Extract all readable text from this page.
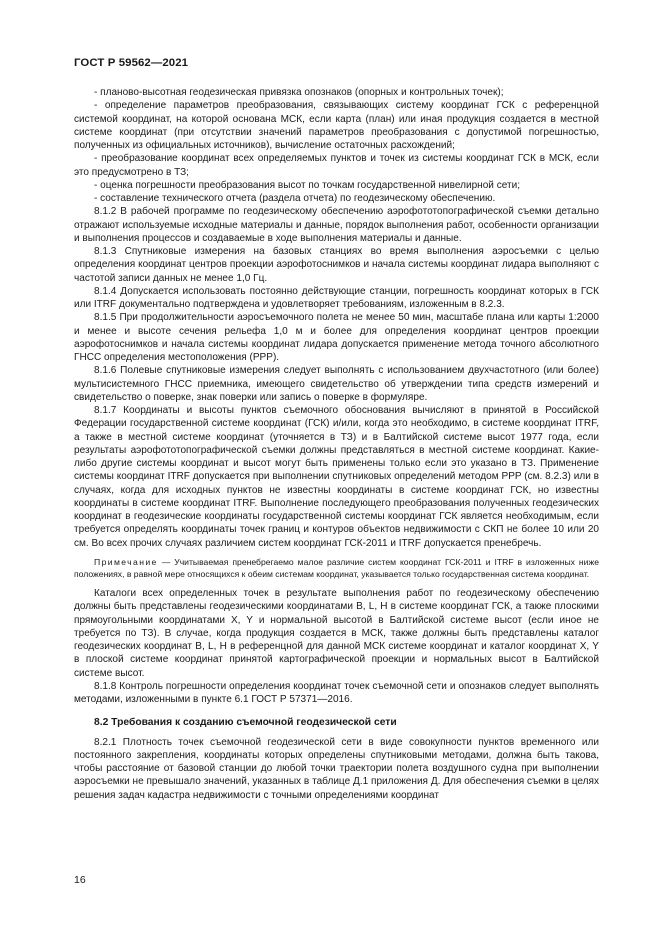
ГОСТ Р 59562—2021

- планово-высотная геодезическая привязка опознаков (опорных и контрольных точек);

- определение параметров преобразования, связывающих систему координат ГСК с референцной системой координат, на которой основана МСК, если карта (план) или иная продукция создается в местной системе координат (при отсутствии значений параметров преобразования с допустимой погрешностью, полученных из официальных источников), вычисление остаточных расхождений;

- преобразование координат всех определяемых пунктов и точек из системы координат ГСК в МСК, если это предусмотрено в ТЗ;

- оценка погрешности преобразования высот по точкам государственной нивелирной сети;

- составление технического отчета (раздела отчета) по геодезическому обеспечению.

8.1.2 В рабочей программе по геодезическому обеспечению аэрофототопографической съемки детально отражают используемые исходные материалы и данные, порядок выполнения работ, особенности организации и выполнения процессов и создаваемые в ходе выполнения материалы и данные.

8.1.3 Спутниковые измерения на базовых станциях во время выполнения аэросъемки с целью определения координат центров проекции аэрофотоснимков и начала системы координат лидара выполняют с частотой записи данных не менее 1,0 Гц.

8.1.4 Допускается использовать постоянно действующие станции, погрешность координат которых в ГСК или ITRF документально подтверждена и удовлетворяет требованиям, изложенным в 8.2.3.

8.1.5 При продолжительности аэросъемочного полета не менее 50 мин, масштабе плана или карты 1:2000 и менее и высоте сечения рельефа 1,0 м и более для определения координат центров проекции аэрофотоснимков и начала системы координат лидара допускается применение метода точного абсолютного ГНСС определения местоположения (PPP).

8.1.6 Полевые спутниковые измерения следует выполнять с использованием двухчастотного (или более) мультисистемного ГНСС приемника, имеющего свидетельство об утверждении типа средств измерений и свидетельство о поверке, знак поверки или запись о поверке в формуляре.

8.1.7 Координаты и высоты пунктов съемочного обоснования вычисляют в принятой в Российской Федерации государственной системе координат (ГСК) и/или, когда это необходимо, в системе координат ITRF, а также в местной системе координат (уточняется в ТЗ) и в Балтийской системе высот 1977 года, если результаты аэрофототопографической съемки должны представляться в местной системе координат. Какие-либо другие системы координат и высот могут быть применены только если это указано в ТЗ. Применение системы координат ITRF допускается при выполнении спутниковых определений методом PPP (см. 8.2.3) или в случаях, когда для исходных пунктов не известны координаты в системе координат ГСК, но известны координаты в системе координат ITRF. Выполнение последующего преобразования полученных геодезических координат в геодезические координаты государственной системы координат ГСК является необходимым, если требуется определять координаты точек границ и контуров объектов недвижимости с СКП не более 10 или 20 см. Во всех прочих случаях различием систем координат ГСК-2011 и ITRF допускается пренебречь.

Примечание — Учитываемая пренебрегаемо малое различие систем координат ГСК-2011 и ITRF в изложенных ниже положениях, в равной мере относящихся к обеим системам координат, указывается только государственная система координат.

Каталоги всех определенных точек в результате выполнения работ по геодезическому обеспечению должны быть представлены геодезическими координатами B, L, H в системе координат ГСК, а также плоскими прямоугольными координатами X, Y и нормальной высотой в Балтийской системе высот (если иное не требуется по ТЗ). В случае, когда продукция создается в МСК, также должны быть представлены каталог геодезических координат B, L, H в референцной для данной МСК системе координат и каталог координат X, Y в плоской системе координат принятой картографической проекции и нормальных высот в Балтийской системе высот.

8.1.8 Контроль погрешности определения координат точек съемочной сети и опознаков следует выполнять методами, изложенными в пункте 6.1 ГОСТ Р 57371—2016.

8.2 Требования к созданию съемочной геодезической сети

8.2.1 Плотность точек съемочной геодезической сети в виде совокупности пунктов временного или постоянного закрепления, координаты которых определены спутниковыми методами, должна быть такова, чтобы расстояние от базовой станции до любой точки траектории полета воздушного судна при выполнении аэросъемки не превышало значений, указанных в таблице Д.1 приложения Д. Для обеспечения съемки в целях решения задач кадастра недвижимости с точными определениями координат

16
